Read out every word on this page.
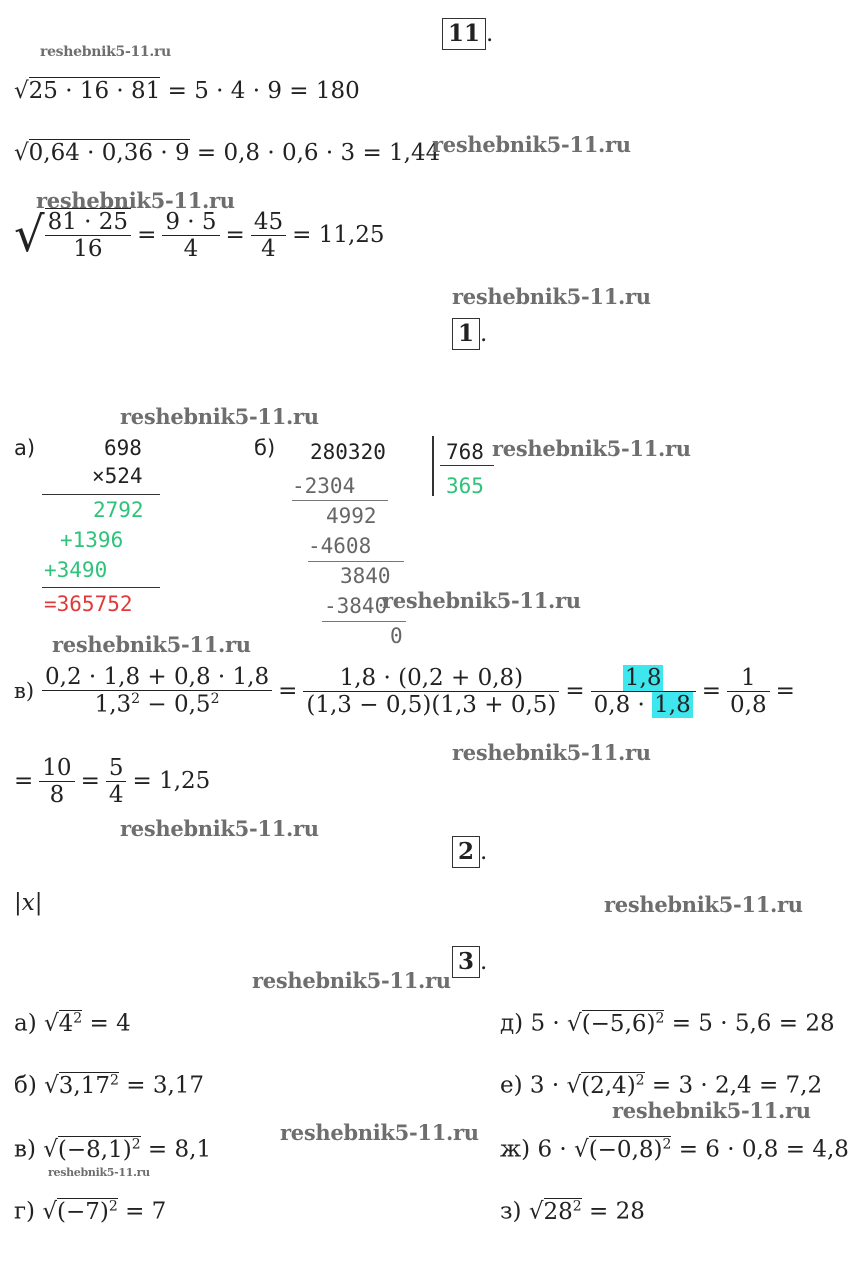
11 .
reshebnik5-11.ru
√25 · 16 · 81 = 5 · 4 · 9 = 180
√0,64 · 0,36 · 9 = 0,8 · 0,6 · 3 = 1,44
reshebnik5-11.ru
reshebnik5-11.ru
√ $\frac{81 \cdot 25}{16} = \frac{9 \cdot 5}{4} = \frac{45}{4} = 11,25$
reshebnik5-11.ru
1 .
reshebnik5-11.ru
а)	698
×524
2792
+1396
+3490
=365752
б) 280320	768
365
reshebnik5-11.ru
-2304
4992
-4608
3840
-3840
0
reshebnik5-11.ru
reshebnik5-11.ru
$в) \frac{0,2 \cdot 1,8 + 0,8 \cdot 1,8}{1,3^2 - 0,5^2} = \frac{1,8 \cdot (0,2 + 0,8)}{(1,3 - 0,5)(1,3 + 0,5)} = \frac{1,8}{0,8 \cdot 1,8} = \frac{1}{0,8}$ =
reshebnik5-11.ru
= $\frac{10}{8} = \frac{5}{4} = 1,25$
reshebnik5-11.ru
2 .
|x|	reshebnik5-11.ru
3 .
reshebnik5-11.ru
а) $√4^2 = 4$
б) $√3,17^2 = 3,17$
в) $√(-8,1)^2 = 8,1$
reshebnik5-11.ru
г) $√(-7)^2 = 7$
reshebnik5-11.ru
д) $5 \cdot √(-5,6)^2 = 5 \cdot 5,6 = 28$
е) $3 \cdot √(2,4)^2 = 3 \cdot 2,4 = 7,2$
reshebnik5-11.ru
ж) $6 \cdot √(-0,8)^2 = 6 \cdot 0,8 = 4,8$
з) $√28^2 = 28$
